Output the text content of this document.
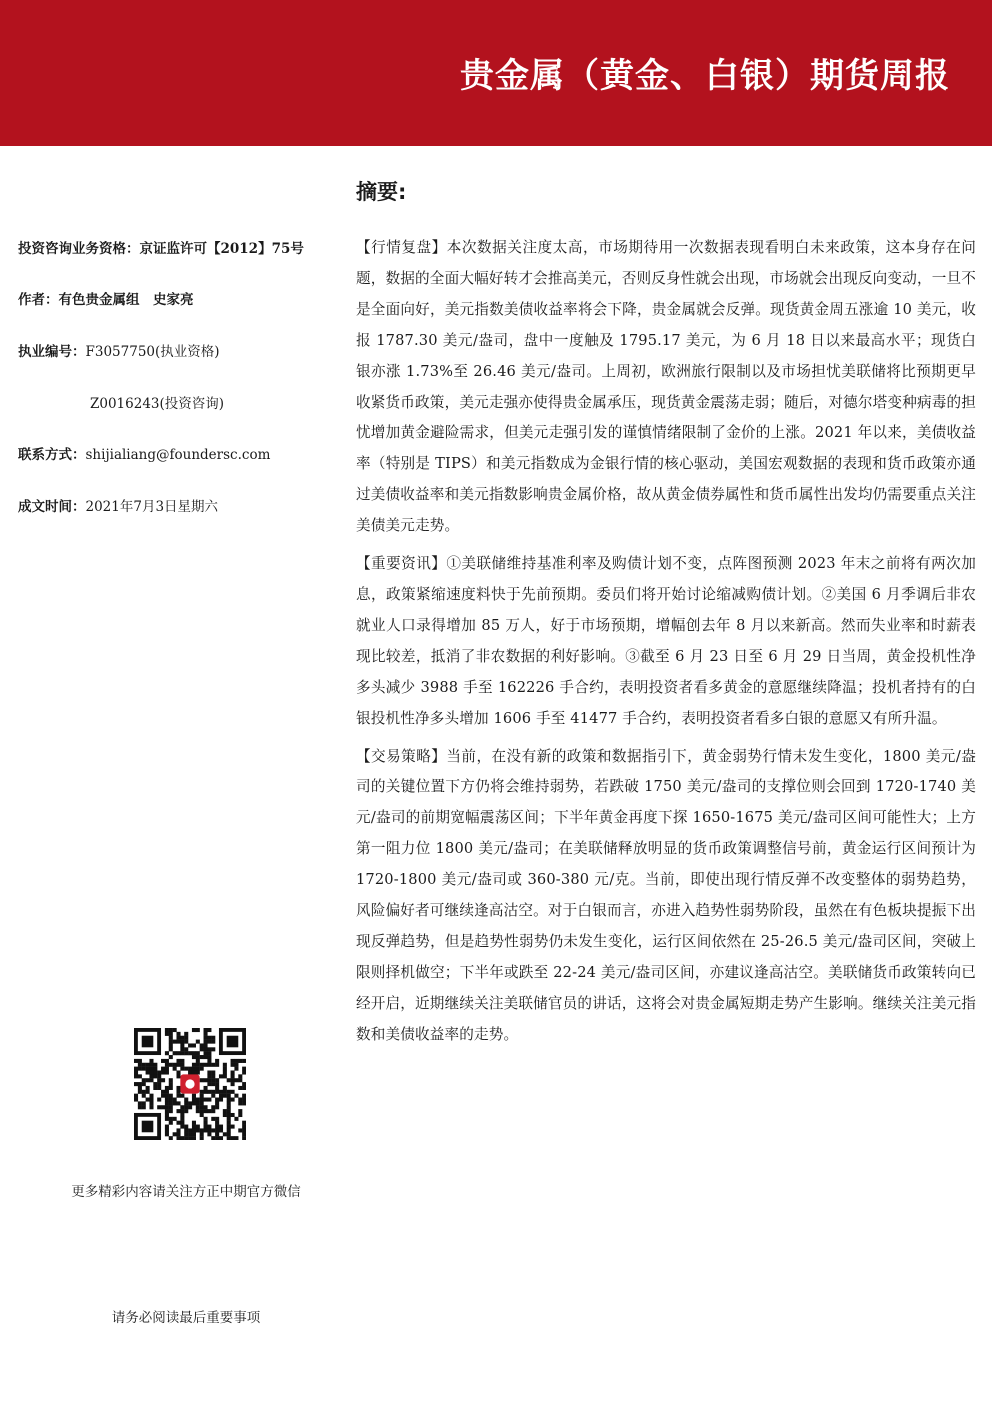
贵金属（黄金、白银）期货周报
投资咨询业务资格：京证监许可【2012】75号
作者：有色贵金属组　史家亮
执业编号：F3057750(执业资格)
Z0016243(投资咨询)
联系方式：shijialiang@foundersc.com
成文时间：2021年7月3日星期六
更多精彩内容请关注方正中期官方微信
请务必阅读最后重要事项
摘要:

【行情复盘】本次数据关注度太高，市场期待用一次数据表现看明白未来政策，这本身存在问题，数据的全面大幅好转才会推高美元，否则反身性就会出现，市场就会出现反向变动，一旦不是全面向好，美元指数美债收益率将会下降，贵金属就会反弹。现货黄金周五涨逾 10 美元，收报 1787.30 美元/盎司，盘中一度触及 1795.17 美元，为 6 月 18 日以来最高水平；现货白银亦涨 1.73%至 26.46 美元/盎司。上周初，欧洲旅行限制以及市场担忧美联储将比预期更早收紧货币政策，美元走强亦使得贵金属承压，现货黄金震荡走弱；随后，对德尔塔变种病毒的担忧增加黄金避险需求，但美元走强引发的谨慎情绪限制了金价的上涨。2021 年以来，美债收益率（特别是 TIPS）和美元指数成为金银行情的核心驱动，美国宏观数据的表现和货币政策亦通过美债收益率和美元指数影响贵金属价格，故从黄金债券属性和货币属性出发均仍需要重点关注美债美元走势。

【重要资讯】①美联储维持基准利率及购债计划不变，点阵图预测 2023 年末之前将有两次加息，政策紧缩速度料快于先前预期。委员们将开始讨论缩减购债计划。②美国 6 月季调后非农就业人口录得增加 85 万人，好于市场预期，增幅创去年 8 月以来新高。然而失业率和时薪表现比较差，抵消了非农数据的利好影响。③截至 6 月 23 日至 6 月 29 日当周，黄金投机性净多头减少 3988 手至 162226 手合约，表明投资者看多黄金的意愿继续降温；投机者持有的白银投机性净多头增加 1606 手至 41477 手合约，表明投资者看多白银的意愿又有所升温。

【交易策略】当前，在没有新的政策和数据指引下，黄金弱势行情未发生变化，1800 美元/盎司的关键位置下方仍将会维持弱势，若跌破 1750 美元/盎司的支撑位则会回到 1720-1740 美元/盎司的前期宽幅震荡区间；下半年黄金再度下探 1650-1675 美元/盎司区间可能性大；上方第一阻力位 1800 美元/盎司；在美联储释放明显的货币政策调整信号前，黄金运行区间预计为 1720-1800 美元/盎司或 360-380 元/克。当前，即使出现行情反弹不改变整体的弱势趋势，风险偏好者可继续逢高沽空。对于白银而言，亦进入趋势性弱势阶段，虽然在有色板块提振下出现反弹趋势，但是趋势性弱势仍未发生变化，运行区间依然在 25-26.5 美元/盎司区间，突破上限则择机做空；下半年或跌至 22-24 美元/盎司区间，亦建议逢高沽空。美联储货币政策转向已经开启，近期继续关注美联储官员的讲话，这将会对贵金属短期走势产生影响。继续关注美元指数和美债收益率的走势。
